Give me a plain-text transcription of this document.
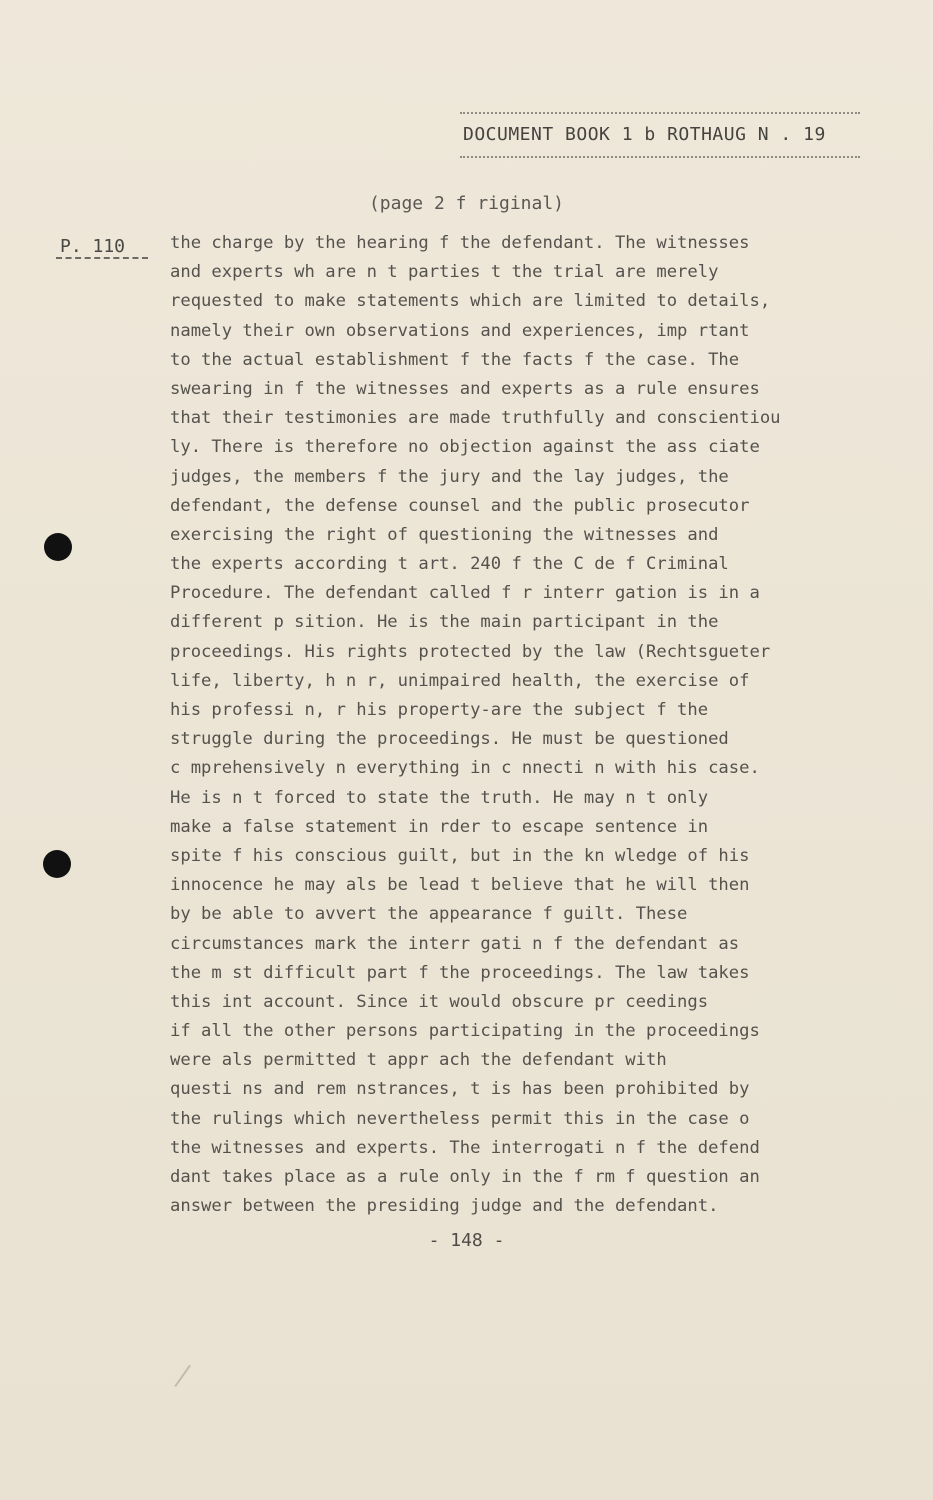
DOCUMENT BOOK 1 b ROTHAUG N . 19
(page 2 f riginal)
P. 110	the charge by the hearing f the defendant. The witnesses
and experts wh are n t parties t the trial are merely
requested to make statements which are limited to details,
namely their own observations and experiences, imp rtant
to the actual establishment f the facts f the case. The
swearing in f the witnesses and experts as a rule ensures
that their testimonies are made truthfully and conscientiou
ly. There is therefore no objection against the ass ciate
judges, the members f the jury and the lay judges, the
defendant, the defense counsel and the public prosecutor
exercising the right of questioning the witnesses and
the experts according t art. 240 f the C de f Criminal
Procedure. The defendant called f r interr gation is in a
different p sition. He is the main participant in the
proceedings. His rights protected by the law (Rechtsgueter
life, liberty, h n r, unimpaired health, the exercise of
his professi n, r his property-are the subject f the
struggle during the proceedings. He must be questioned
c mprehensively n everything in c nnecti n with his case.
He is n t forced to state the truth. He may n t only
make a false statement in rder to escape sentence in
spite f his conscious guilt, but in the kn wledge of his
innocence he may als be lead t believe that he will then
by be able to avvert the appearance f guilt. These
circumstances mark the interr gati n f the defendant as
the m st difficult part f the proceedings. The law takes
this int account. Since it would obscure pr ceedings
if all the other persons participating in the proceedings
were als permitted t appr ach the defendant with
questi ns and rem nstrances, t is has been prohibited by
the rulings which nevertheless permit this in the case o
the witnesses and experts. The interrogati n f the defend
dant takes place as a rule only in the f rm f question an
answer between the presiding judge and the defendant.
- 148 -
